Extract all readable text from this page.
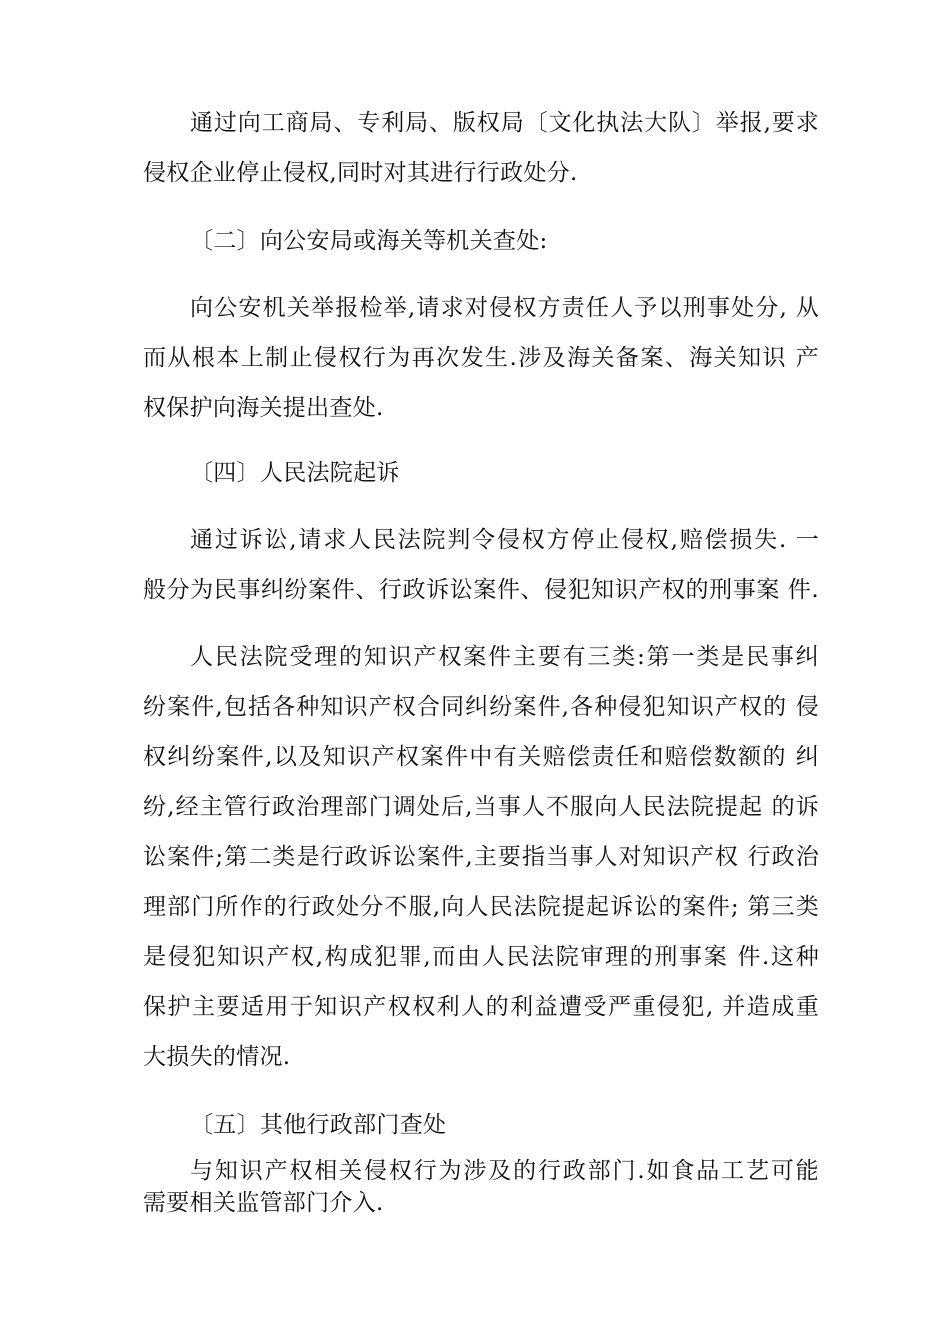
通过向工商局、专利局、版权局〔文化执法大队〕举报,要求
侵权企业停止侵权,同时对其进行行政处分.
〔二〕向公安局或海关等机关查处:
向公安机关举报检举,请求对侵权方责任人予以刑事处分, 从
而从根本上制止侵权行为再次发生.涉及海关备案、海关知识 产
权保护向海关提出查处.
〔四〕人民法院起诉
通过诉讼,请求人民法院判令侵权方停止侵权,赔偿损失. 一
般分为民事纠纷案件、行政诉讼案件、侵犯知识产权的刑事案 件.
人民法院受理的知识产权案件主要有三类:第一类是民事纠
纷案件,包括各种知识产权合同纠纷案件,各种侵犯知识产权的 侵
权纠纷案件,以及知识产权案件中有关赔偿责任和赔偿数额的 纠
纷,经主管行政治理部门调处后,当事人不服向人民法院提起 的诉
讼案件;第二类是行政诉讼案件,主要指当事人对知识产权 行政治
理部门所作的行政处分不服,向人民法院提起诉讼的案件; 第三类
是侵犯知识产权,构成犯罪,而由人民法院审理的刑事案 件.这种
保护主要适用于知识产权权利人的利益遭受严重侵犯, 并造成重
大损失的情况.
〔五〕其他行政部门查处
与知识产权相关侵权行为涉及的行政部门.如食品工艺可能
需要相关监管部门介入.
